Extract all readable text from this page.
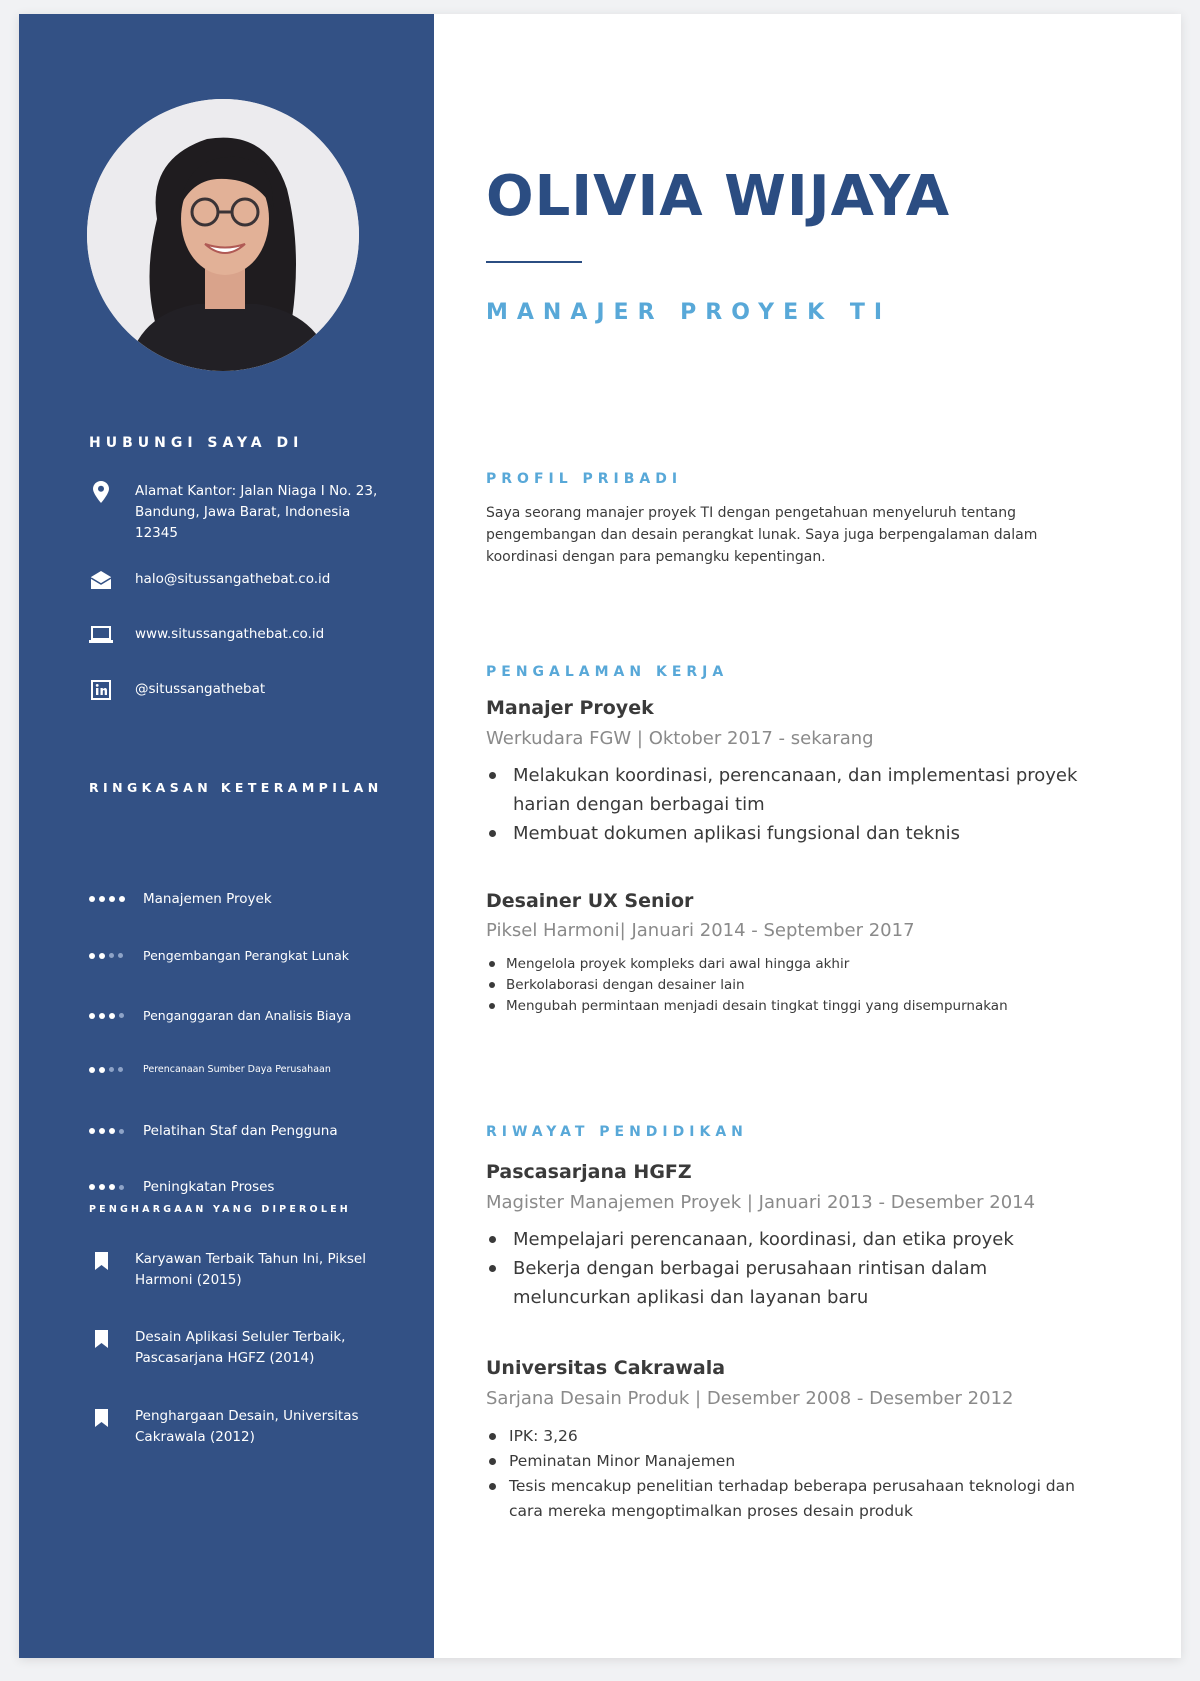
HUBUNGI SAYA DI
Alamat Kantor: Jalan Niaga I No. 23, Bandung, Jawa Barat, Indonesia 12345
halo@situssangathebat.co.id
www.situssangathebat.co.id
@situssangathebat
RINGKASAN KETERAMPILAN
Manajemen Proyek
Pengembangan Perangkat Lunak
Penganggaran dan Analisis Biaya
Perencanaan Sumber Daya Perusahaan
Pelatihan Staf dan Pengguna
Peningkatan Proses
PENGHARGAAN YANG DIPEROLEH
Karyawan Terbaik Tahun Ini, Piksel Harmoni (2015)
Desain Aplikasi Seluler Terbaik, Pascasarjana HGFZ (2014)
Penghargaan Desain, Universitas Cakrawala (2012)
OLIVIA WIJAYA
MANAJER PROYEK TI
PROFIL PRIBADI
Saya seorang manajer proyek TI dengan pengetahuan menyeluruh tentang pengembangan dan desain perangkat lunak. Saya juga berpengalaman dalam koordinasi dengan para pemangku kepentingan.
PENGALAMAN KERJA
Manajer Proyek
Werkudara FGW | Oktober 2017 - sekarang
Melakukan koordinasi, perencanaan, dan implementasi proyek harian dengan berbagai tim
Membuat dokumen aplikasi fungsional dan teknis
Desainer UX Senior
Piksel Harmoni| Januari 2014 - September 2017
Mengelola proyek kompleks dari awal hingga akhir
Berkolaborasi dengan desainer lain
Mengubah permintaan menjadi desain tingkat tinggi yang disempurnakan
RIWAYAT PENDIDIKAN
Pascasarjana HGFZ
Magister Manajemen Proyek | Januari 2013 - Desember 2014
Mempelajari perencanaan, koordinasi, dan etika proyek
Bekerja dengan berbagai perusahaan rintisan dalam meluncurkan aplikasi dan layanan baru
Universitas Cakrawala
Sarjana Desain Produk | Desember 2008 - Desember 2012
IPK: 3,26
Peminatan Minor Manajemen
Tesis mencakup penelitian terhadap beberapa perusahaan teknologi dan cara mereka mengoptimalkan proses desain produk
